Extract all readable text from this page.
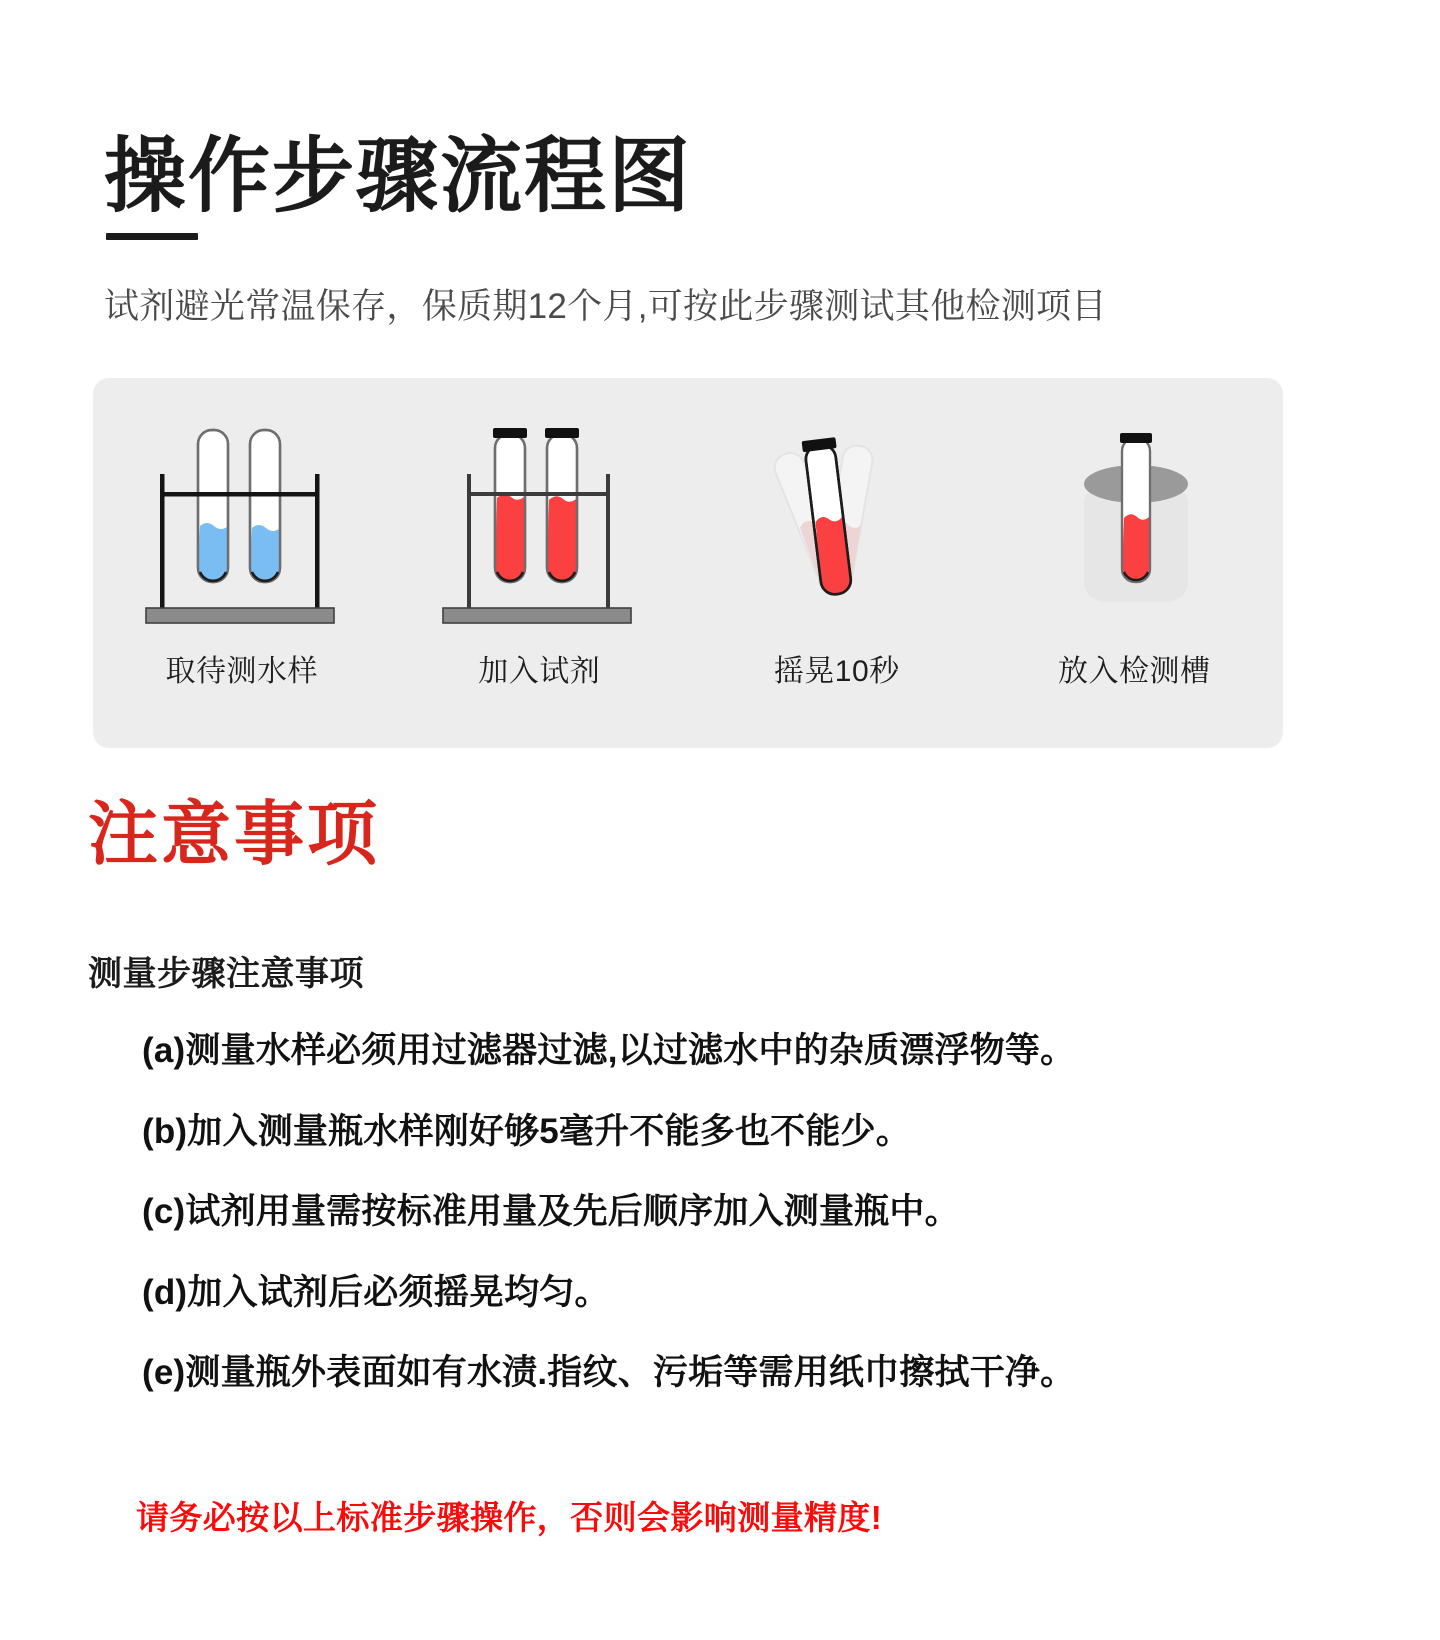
操作步骤流程图
试剂避光常温保存，保质期12个月,可按此步骤测试其他检测项目
取待测水样	加入试剂	摇晃10秒	放入检测槽
注意事项
测量步骤注意事项
(a)测量水样必须用过滤器过滤,以过滤水中的杂质漂浮物等。
(b)加入测量瓶水样刚好够5毫升不能多也不能少。
(c)试剂用量需按标准用量及先后顺序加入测量瓶中。
(d)加入试剂后必须摇晃均匀。
(e)测量瓶外表面如有水渍.指纹、污垢等需用纸巾擦拭干净。
请务必按以上标准步骤操作，否则会影响测量精度!
